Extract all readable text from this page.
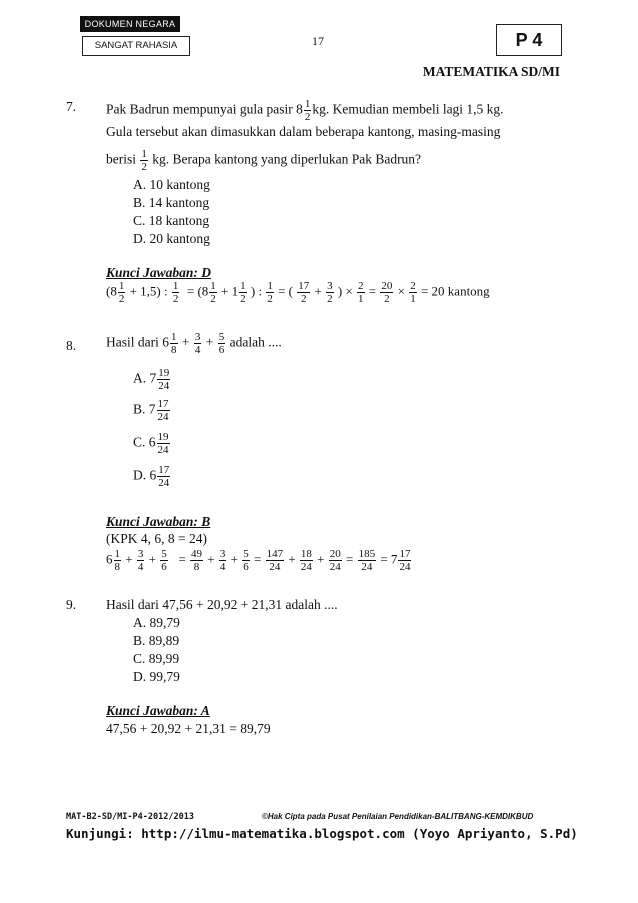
DOKUMEN NEGARA
SANGAT RAHASIA	17	P 4
MATEMATIKA SD/MI
7. Pak Badrun mempunyai gula pasir $8 \frac{1}{2}$ kg. Kemudian membeli lagi 1,5 kg.
Gula tersebut akan dimasukkan dalam beberapa kantong, masing-masing
berisi $\frac{1}{2}$ kg. Berapa kantong yang diperlukan Pak Badrun?
A. 10 kantong
B. 14 kantong
C. 18 kantong
D. 20 kantong
Kunci Jawaban: D
$(8 \frac{1}{2} + 1,5)$ : $\frac{1}{2} = (8 \frac{1}{2} + 1 \frac{1}{2}$ ) : $\frac{1}{2}$ = ( $\frac{17}{2} + \frac{3}{2}$ ) × $\frac{2}{1} = \frac{20}{2} \times \frac{2}{1} = 20$ kantong
8. Hasil dari $6 \frac{1}{8} + \frac{3}{4} + \frac{5}{6}$ adalah ....
A. $7 \frac{19}{24}$
B. $7 \frac{17}{24}$
C. $6 \frac{19}{24}$
D. $6 \frac{17}{24}$
Kunci Jawaban: B
(KPK 4, 6, 8 = 24)
$6 \frac{1}{8} + \frac{3}{4} + \frac{5}{6} = \frac{49}{8} + \frac{3}{4} + \frac{5}{6} = \frac{147}{24} + \frac{18}{24} + \frac{20}{24} = \frac{185}{24} = 7 \frac{17}{24}$
9. Hasil dari 47,56 + 20,92 + 21,31 adalah ....
A. 89,79
B. 89,89
C. 89,99
D. 99,79
Kunci Jawaban: A
47,56 + 20,92 + 21,31 = 89,79
MAT-B2-SD/MI-P4-2012/2013	©Hak Cipta pada Pusat Penilaian Pendidikan-BALITBANG-KEMDIKBUD
Kunjungi: http://ilmu-matematika.blogspot.com (Yoyo Apriyanto, S.Pd)
